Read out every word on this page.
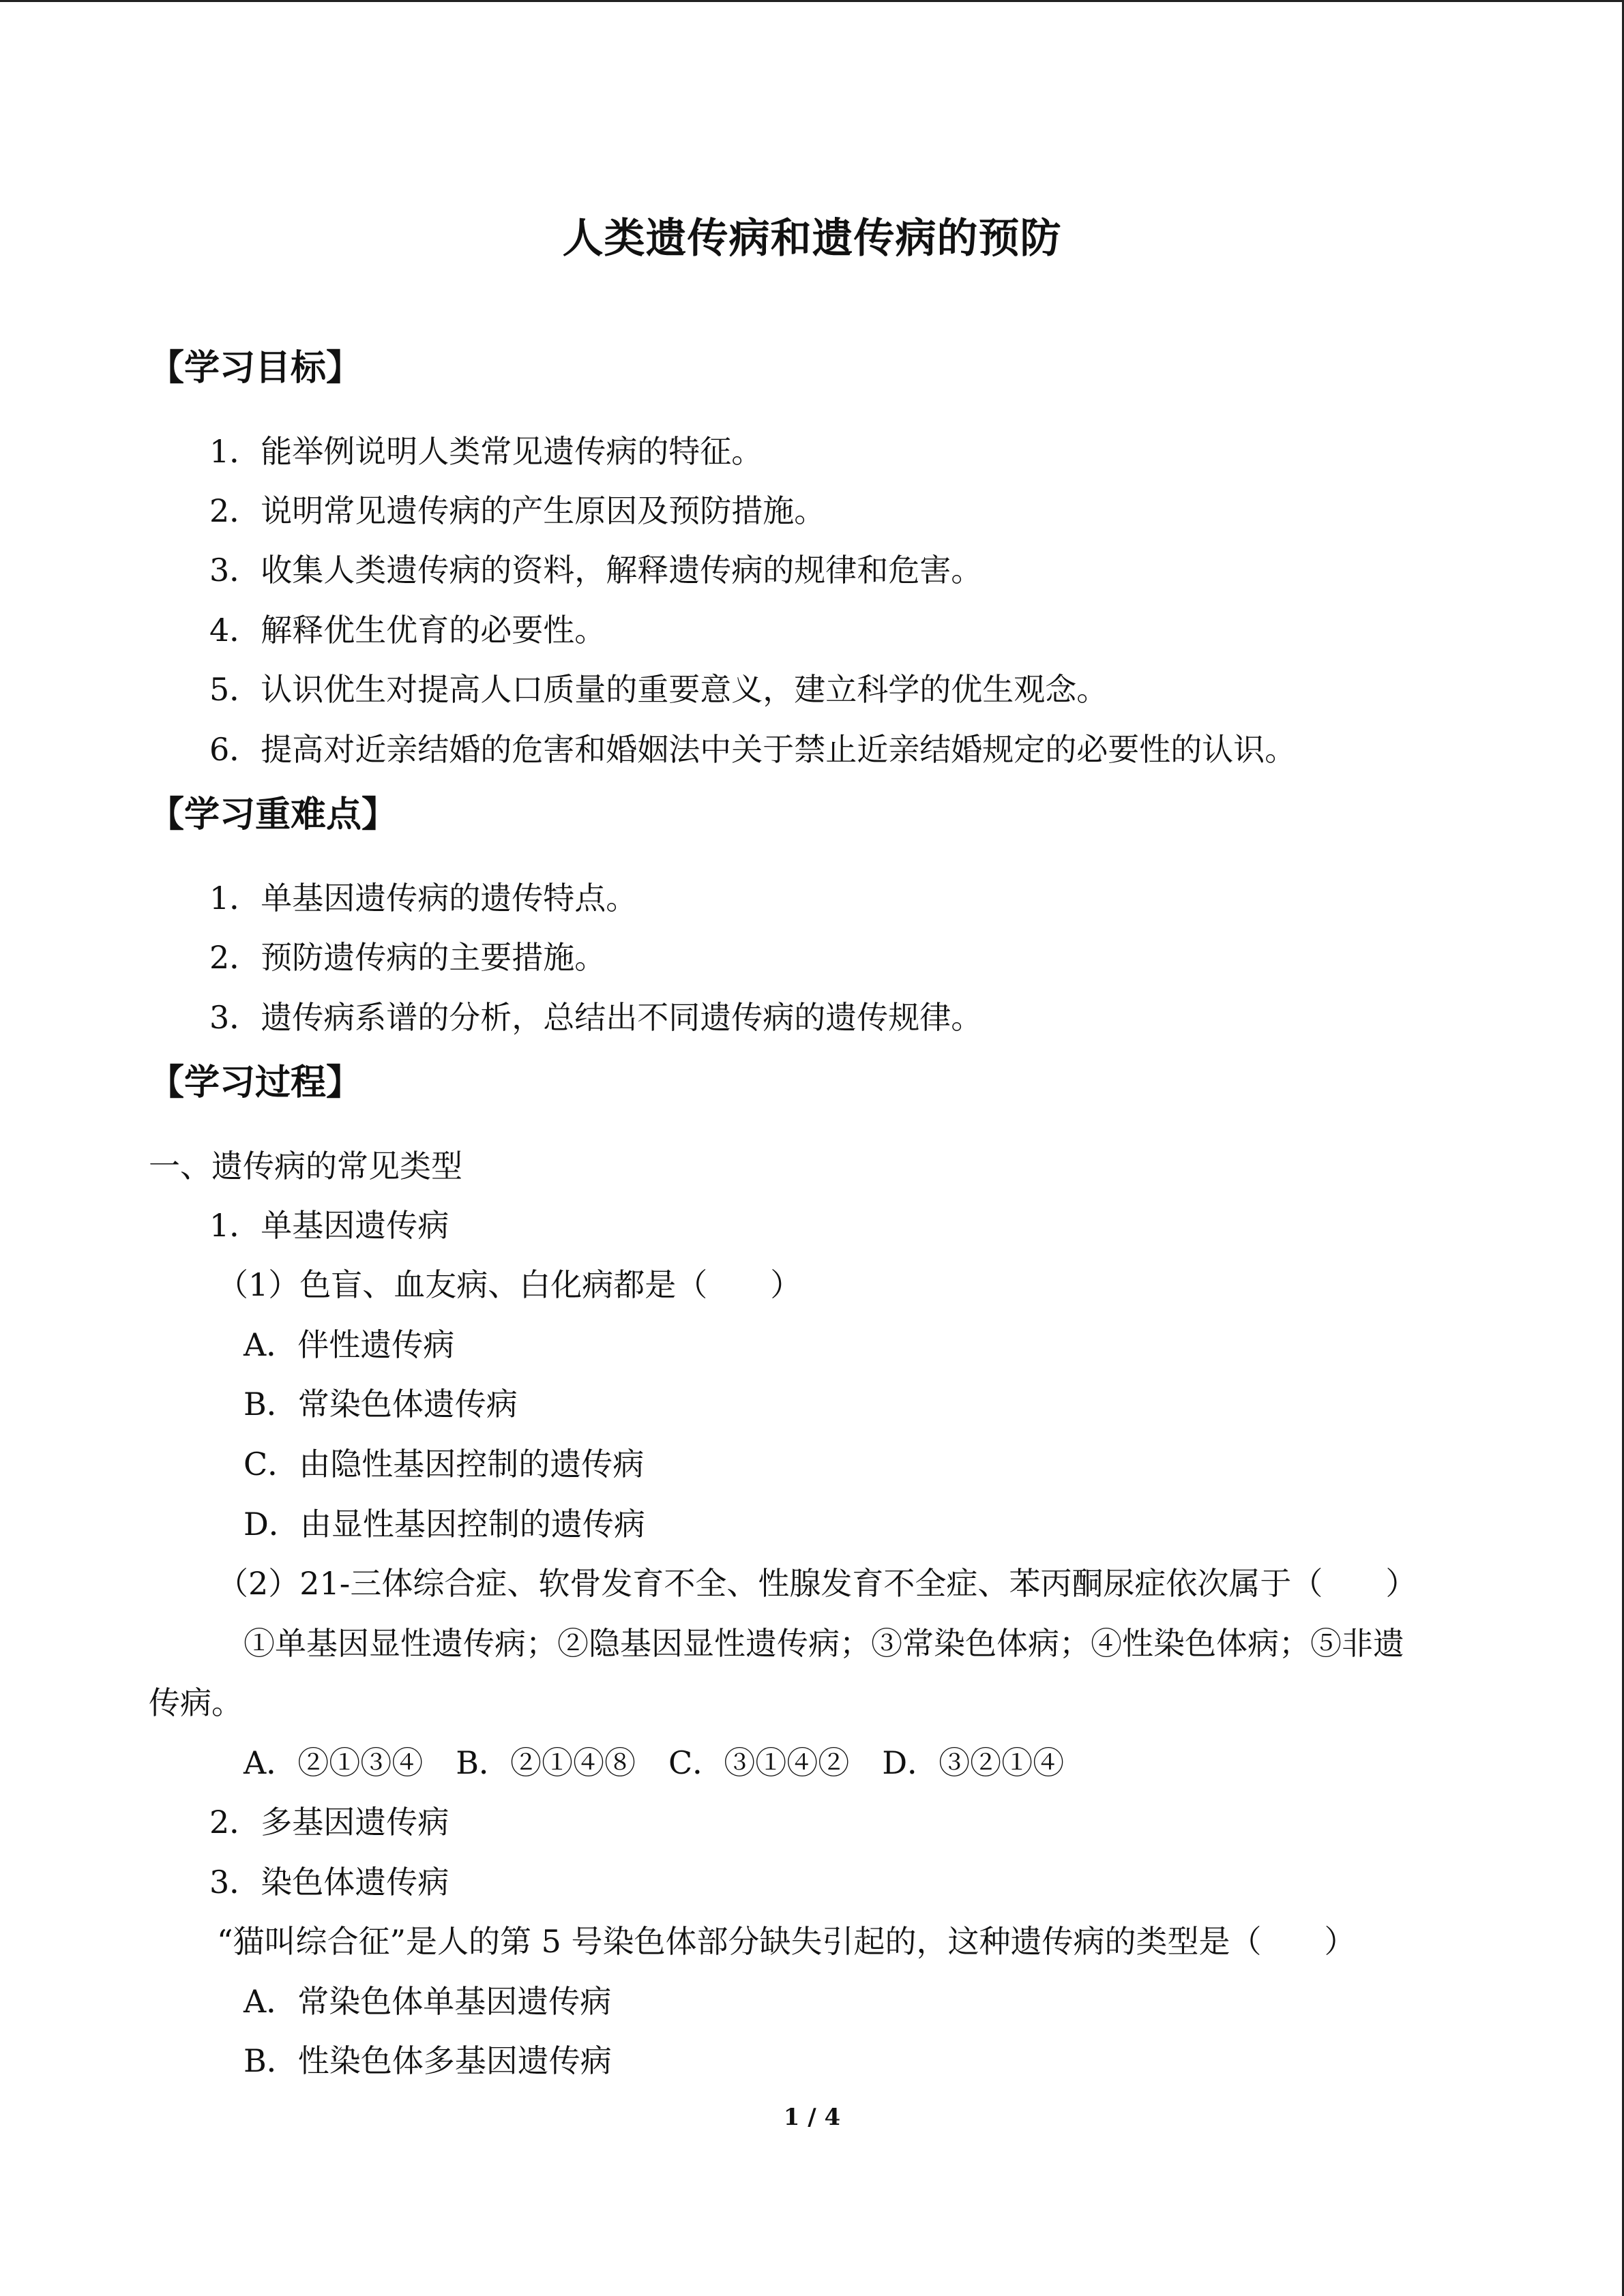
人类遗传病和遗传病的预防
【学习目标】
1．能举例说明人类常见遗传病的特征。
2．说明常见遗传病的产生原因及预防措施。
3．收集人类遗传病的资料，解释遗传病的规律和危害。
4．解释优生优育的必要性。
5．认识优生对提高人口质量的重要意义，建立科学的优生观念。
6．提高对近亲结婚的危害和婚姻法中关于禁止近亲结婚规定的必要性的认识。
【学习重难点】
1．单基因遗传病的遗传特点。
2．预防遗传病的主要措施。
3．遗传病系谱的分析，总结出不同遗传病的遗传规律。
【学习过程】
一、遗传病的常见类型
1．单基因遗传病
（1）色盲、血友病、白化病都是（　　）
A．伴性遗传病
B．常染色体遗传病
C．由隐性基因控制的遗传病
D．由显性基因控制的遗传病
（2）21-三体综合症、软骨发育不全、性腺发育不全症、苯丙酮尿症依次属于（　　）
①单基因显性遗传病；②隐基因显性遗传病；③常染色体病；④性染色体病；⑤非遗
传病。
A．②①③④ B．②①④⑧ C．③①④② D．③②①④
2．多基因遗传病
3．染色体遗传病
“猫叫综合征”是人的第 5 号染色体部分缺失引起的，这种遗传病的类型是（　　）
A．常染色体单基因遗传病
B．性染色体多基因遗传病
1 / 4
